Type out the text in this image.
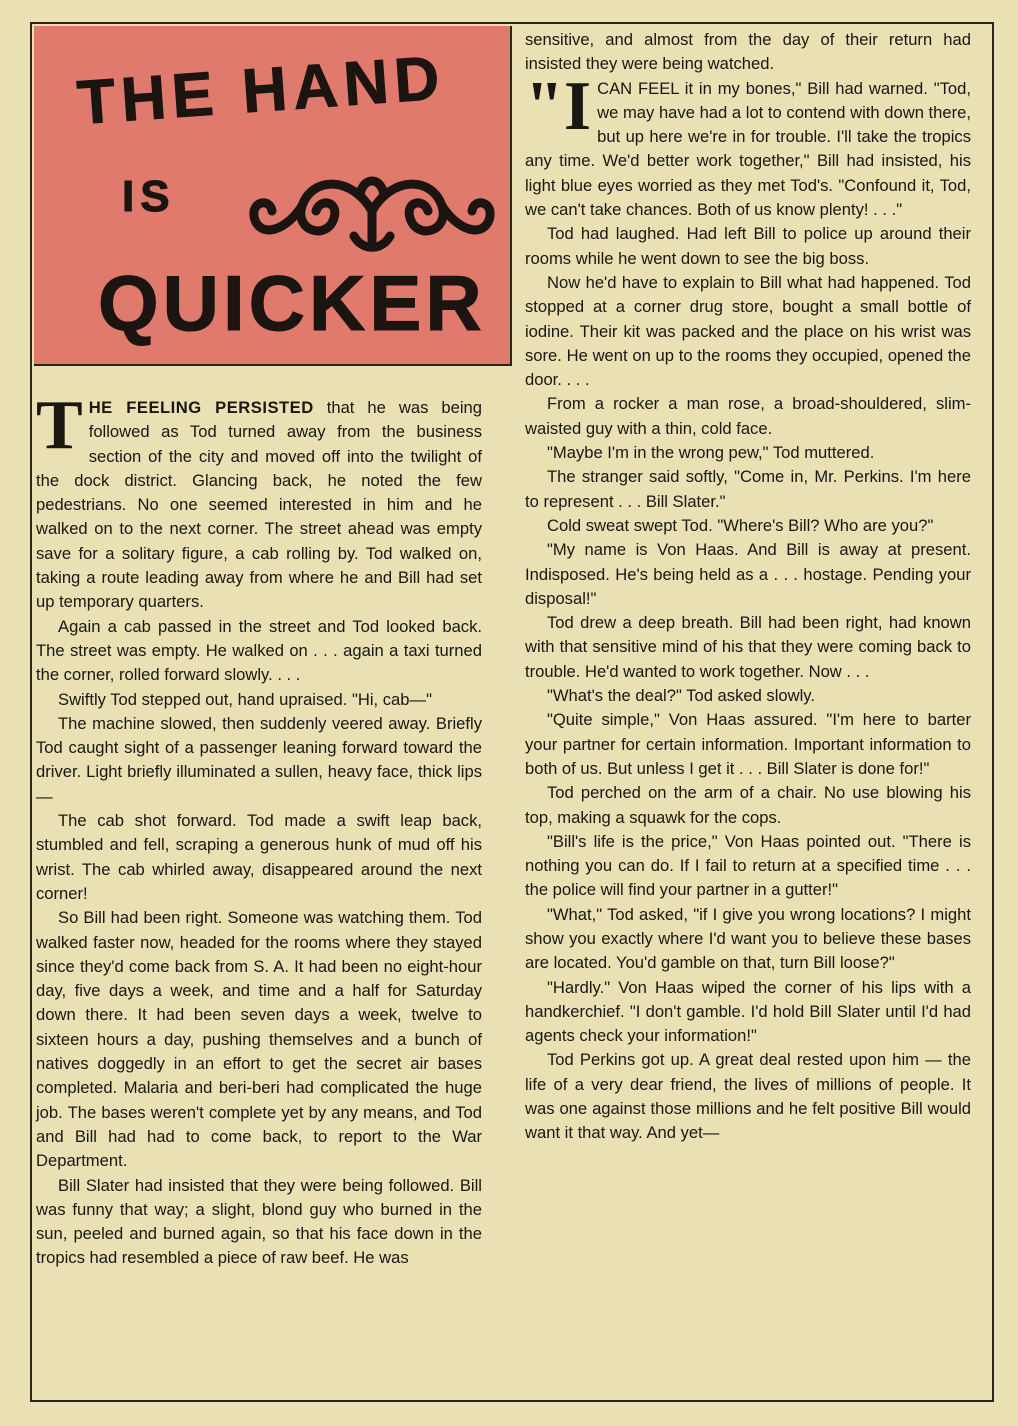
THE HAND
IS
QUICKER

THE FEELING PERSISTED that he was being followed as Tod turned away from the business section of the city and moved off into the twilight of the dock district. Glancing back, he noted the few pedestrians. No one seemed interested in him and he walked on to the next corner. The street ahead was empty save for a solitary figure, a cab rolling by. Tod walked on, taking a route leading away from where he and Bill had set up temporary quarters.

Again a cab passed in the street and Tod looked back. The street was empty. He walked on . . . again a taxi turned the corner, rolled forward slowly. . . .

Swiftly Tod stepped out, hand upraised. "Hi, cab—"

The machine slowed, then suddenly veered away. Briefly Tod caught sight of a passenger leaning forward toward the driver. Light briefly illuminated a sullen, heavy face, thick lips—

The cab shot forward. Tod made a swift leap back, stumbled and fell, scraping a generous hunk of mud off his wrist. The cab whirled away, disappeared around the next corner!

So Bill had been right. Someone was watching them. Tod walked faster now, headed for the rooms where they stayed since they'd come back from S. A. It had been no eight-hour day, five days a week, and time and a half for Saturday down there. It had been seven days a week, twelve to sixteen hours a day, pushing themselves and a bunch of natives doggedly in an effort to get the secret air bases completed. Malaria and beri-beri had complicated the huge job. The bases weren't complete yet by any means, and Tod and Bill had had to come back, to report to the War Department.

Bill Slater had insisted that they were being followed. Bill was funny that way; a slight, blond guy who burned in the sun, peeled and burned again, so that his face down in the tropics had resembled a piece of raw beef. He was

sensitive, and almost from the day of their return had insisted they were being watched.

"I CAN FEEL it in my bones," Bill had warned. "Tod, we may have had a lot to contend with down there, but up here we're in for trouble. I'll take the tropics any time. We'd better work together," Bill had insisted, his light blue eyes worried as they met Tod's. "Confound it, Tod, we can't take chances. Both of us know plenty! . . ."

Tod had laughed. Had left Bill to police up around their rooms while he went down to see the big boss.

Now he'd have to explain to Bill what had happened. Tod stopped at a corner drug store, bought a small bottle of iodine. Their kit was packed and the place on his wrist was sore. He went on up to the rooms they occupied, opened the door. . . .

From a rocker a man rose, a broad-shouldered, slim-waisted guy with a thin, cold face.

"Maybe I'm in the wrong pew," Tod muttered.

The stranger said softly, "Come in, Mr. Perkins. I'm here to represent . . . Bill Slater."

Cold sweat swept Tod. "Where's Bill? Who are you?"

"My name is Von Haas. And Bill is away at present. Indisposed. He's being held as a . . . hostage. Pending your disposal!"

Tod drew a deep breath. Bill had been right, had known with that sensitive mind of his that they were coming back to trouble. He'd wanted to work together. Now . . .

"What's the deal?" Tod asked slowly.

"Quite simple," Von Haas assured. "I'm here to barter your partner for certain information. Important information to both of us. But unless I get it . . . Bill Slater is done for!"

Tod perched on the arm of a chair. No use blowing his top, making a squawk for the cops.

"Bill's life is the price," Von Haas pointed out. "There is nothing you can do. If I fail to return at a specified time . . . the police will find your partner in a gutter!"

"What," Tod asked, "if I give you wrong locations? I might show you exactly where I'd want you to believe these bases are located. You'd gamble on that, turn Bill loose?"

"Hardly." Von Haas wiped the corner of his lips with a handkerchief. "I don't gamble. I'd hold Bill Slater until I'd had agents check your information!"

Tod Perkins got up. A great deal rested upon him — the life of a very dear friend, the lives of millions of people. It was one against those millions and he felt positive Bill would want it that way. And yet—
